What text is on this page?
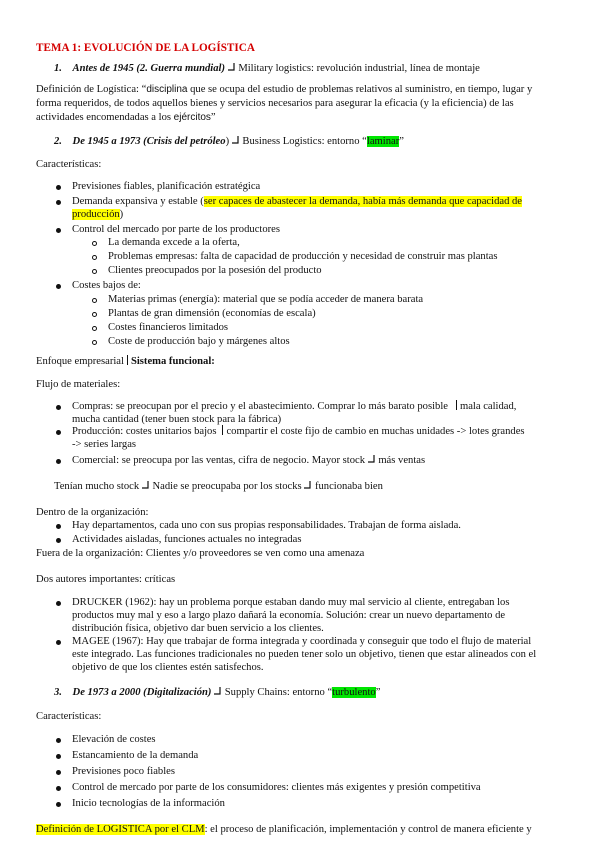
TEMA 1: EVOLUCIÓN DE LA LOGÍSTICA
1. Antes de 1945 (2. Guerra mundial) Military logistics: revolución industrial, línea de montaje
Definición de Logística: “disciplina que se ocupa del estudio de problemas relativos al suministro, en tiempo, lugar y forma requeridos, de todos aquellos bienes y servicios necesarios para asegurar la eficacia (y la eficiencia) de las actividades encomendadas a los ejércitos”
2. De 1945 a 1973 (Crisis del petróleo) Business Logistics: entorno “laminar”
Características:
Previsiones fiables, planificación estratégica
Demanda expansiva y estable (ser capaces de abastecer la demanda, había más demanda que capacidad de
producción)
Control del mercado por parte de los productores
La demanda excede a la oferta,
Problemas empresas: falta de capacidad de producción y necesidad de construir mas plantas
Clientes preocupados por la posesión del producto
Costes bajos de:
Materias primas (energía): material que se podía acceder de manera barata
Plantas de gran dimensión (economías de escala)
Costes financieros limitados
Coste de producción bajo y márgenes altos
Enfoque empresarial Sistema funcional:
Flujo de materiales:
Compras: se preocupan por el precio y el abastecimiento. Comprar lo más barato posible mala calidad,
mucha cantidad (tener buen stock para la fábrica)
Producción: costes unitarios bajos compartir el coste fijo de cambio en muchas unidades -> lotes grandes
-> series largas
Comercial: se preocupa por las ventas, cifra de negocio. Mayor stock más ventas
Tenían mucho stock Nadie se preocupaba por los stocks funcionaba bien
Dentro de la organización:
Hay departamentos, cada uno con sus propias responsabilidades. Trabajan de forma aislada.
Actividades aisladas, funciones actuales no integradas
Fuera de la organización: Clientes y/o proveedores se ven como una amenaza
Dos autores importantes: críticas
DRUCKER (1962): hay un problema porque estaban dando muy mal servicio al cliente, entregaban los
productos muy mal y eso a largo plazo dañará la economía. Solución: crear un nuevo departamento de
distribución física, objetivo dar buen servicio a los clientes.
MAGEE (1967): Hay que trabajar de forma integrada y coordinada y conseguir que todo el flujo de material
este integrado. Las funciones tradicionales no pueden tener solo un objetivo, tienen que estar alineados con el
objetivo de que los clientes estén satisfechos.
3. De 1973 a 2000 (Digitalización) Supply Chains: entorno “turbulento”
Características:
Elevación de costes
Estancamiento de la demanda
Previsiones poco fiables
Control de mercado por parte de los consumidores: clientes más exigentes y presión competitiva
Inicio tecnologías de la información
Definición de LOGISTICA por el CLM: el proceso de planificación, implementación y control de manera eficiente y
